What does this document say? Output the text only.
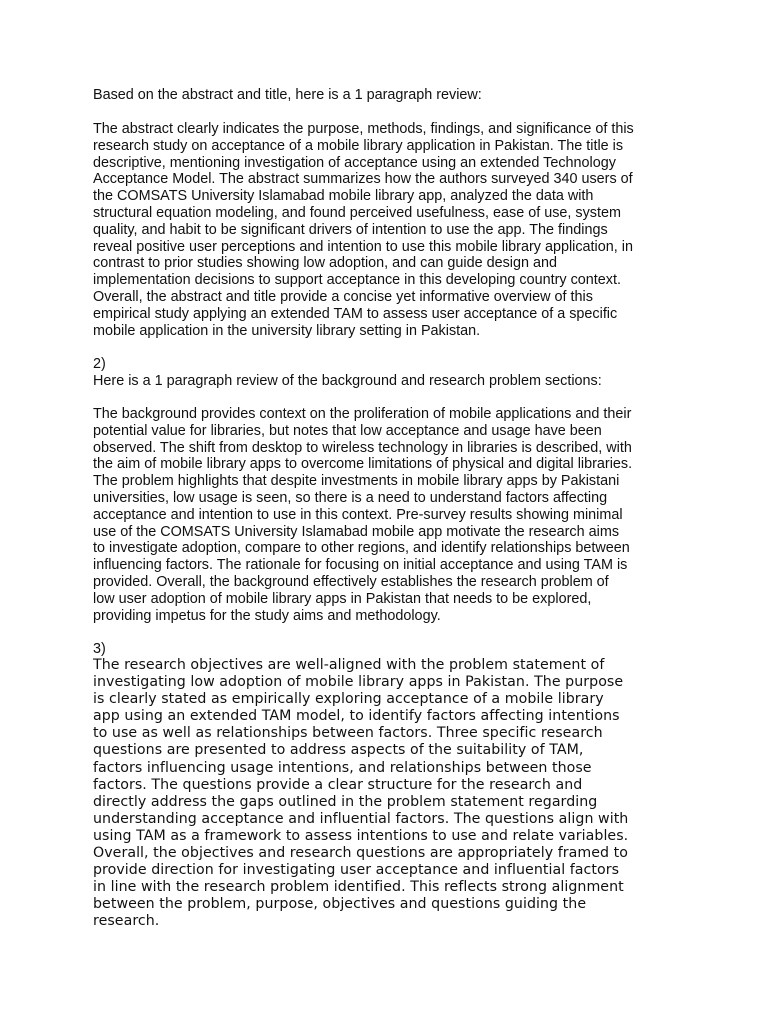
Based on the abstract and title, here is a 1 paragraph review:
The abstract clearly indicates the purpose, methods, findings, and significance of this
research study on acceptance of a mobile library application in Pakistan. The title is
descriptive, mentioning investigation of acceptance using an extended Technology
Acceptance Model. The abstract summarizes how the authors surveyed 340 users of
the COMSATS University Islamabad mobile library app, analyzed the data with
structural equation modeling, and found perceived usefulness, ease of use, system
quality, and habit to be significant drivers of intention to use the app. The findings
reveal positive user perceptions and intention to use this mobile library application, in
contrast to prior studies showing low adoption, and can guide design and
implementation decisions to support acceptance in this developing country context.
Overall, the abstract and title provide a concise yet informative overview of this
empirical study applying an extended TAM to assess user acceptance of a specific
mobile application in the university library setting in Pakistan.
2)
Here is a 1 paragraph review of the background and research problem sections:
The background provides context on the proliferation of mobile applications and their
potential value for libraries, but notes that low acceptance and usage have been
observed. The shift from desktop to wireless technology in libraries is described, with
the aim of mobile library apps to overcome limitations of physical and digital libraries.
The problem highlights that despite investments in mobile library apps by Pakistani
universities, low usage is seen, so there is a need to understand factors affecting
acceptance and intention to use in this context. Pre-survey results showing minimal
use of the COMSATS University Islamabad mobile app motivate the research aims
to investigate adoption, compare to other regions, and identify relationships between
influencing factors. The rationale for focusing on initial acceptance and using TAM is
provided. Overall, the background effectively establishes the research problem of
low user adoption of mobile library apps in Pakistan that needs to be explored,
providing impetus for the study aims and methodology.
3)
The research objectives are well-aligned with the problem statement of
investigating low adoption of mobile library apps in Pakistan. The purpose
is clearly stated as empirically exploring acceptance of a mobile library
app using an extended TAM model, to identify factors affecting intentions
to use as well as relationships between factors. Three specific research
questions are presented to address aspects of the suitability of TAM,
factors influencing usage intentions, and relationships between those
factors. The questions provide a clear structure for the research and
directly address the gaps outlined in the problem statement regarding
understanding acceptance and influential factors. The questions align with
using TAM as a framework to assess intentions to use and relate variables.
Overall, the objectives and research questions are appropriately framed to
provide direction for investigating user acceptance and influential factors
in line with the research problem identified. This reflects strong alignment
between the problem, purpose, objectives and questions guiding the
research.
